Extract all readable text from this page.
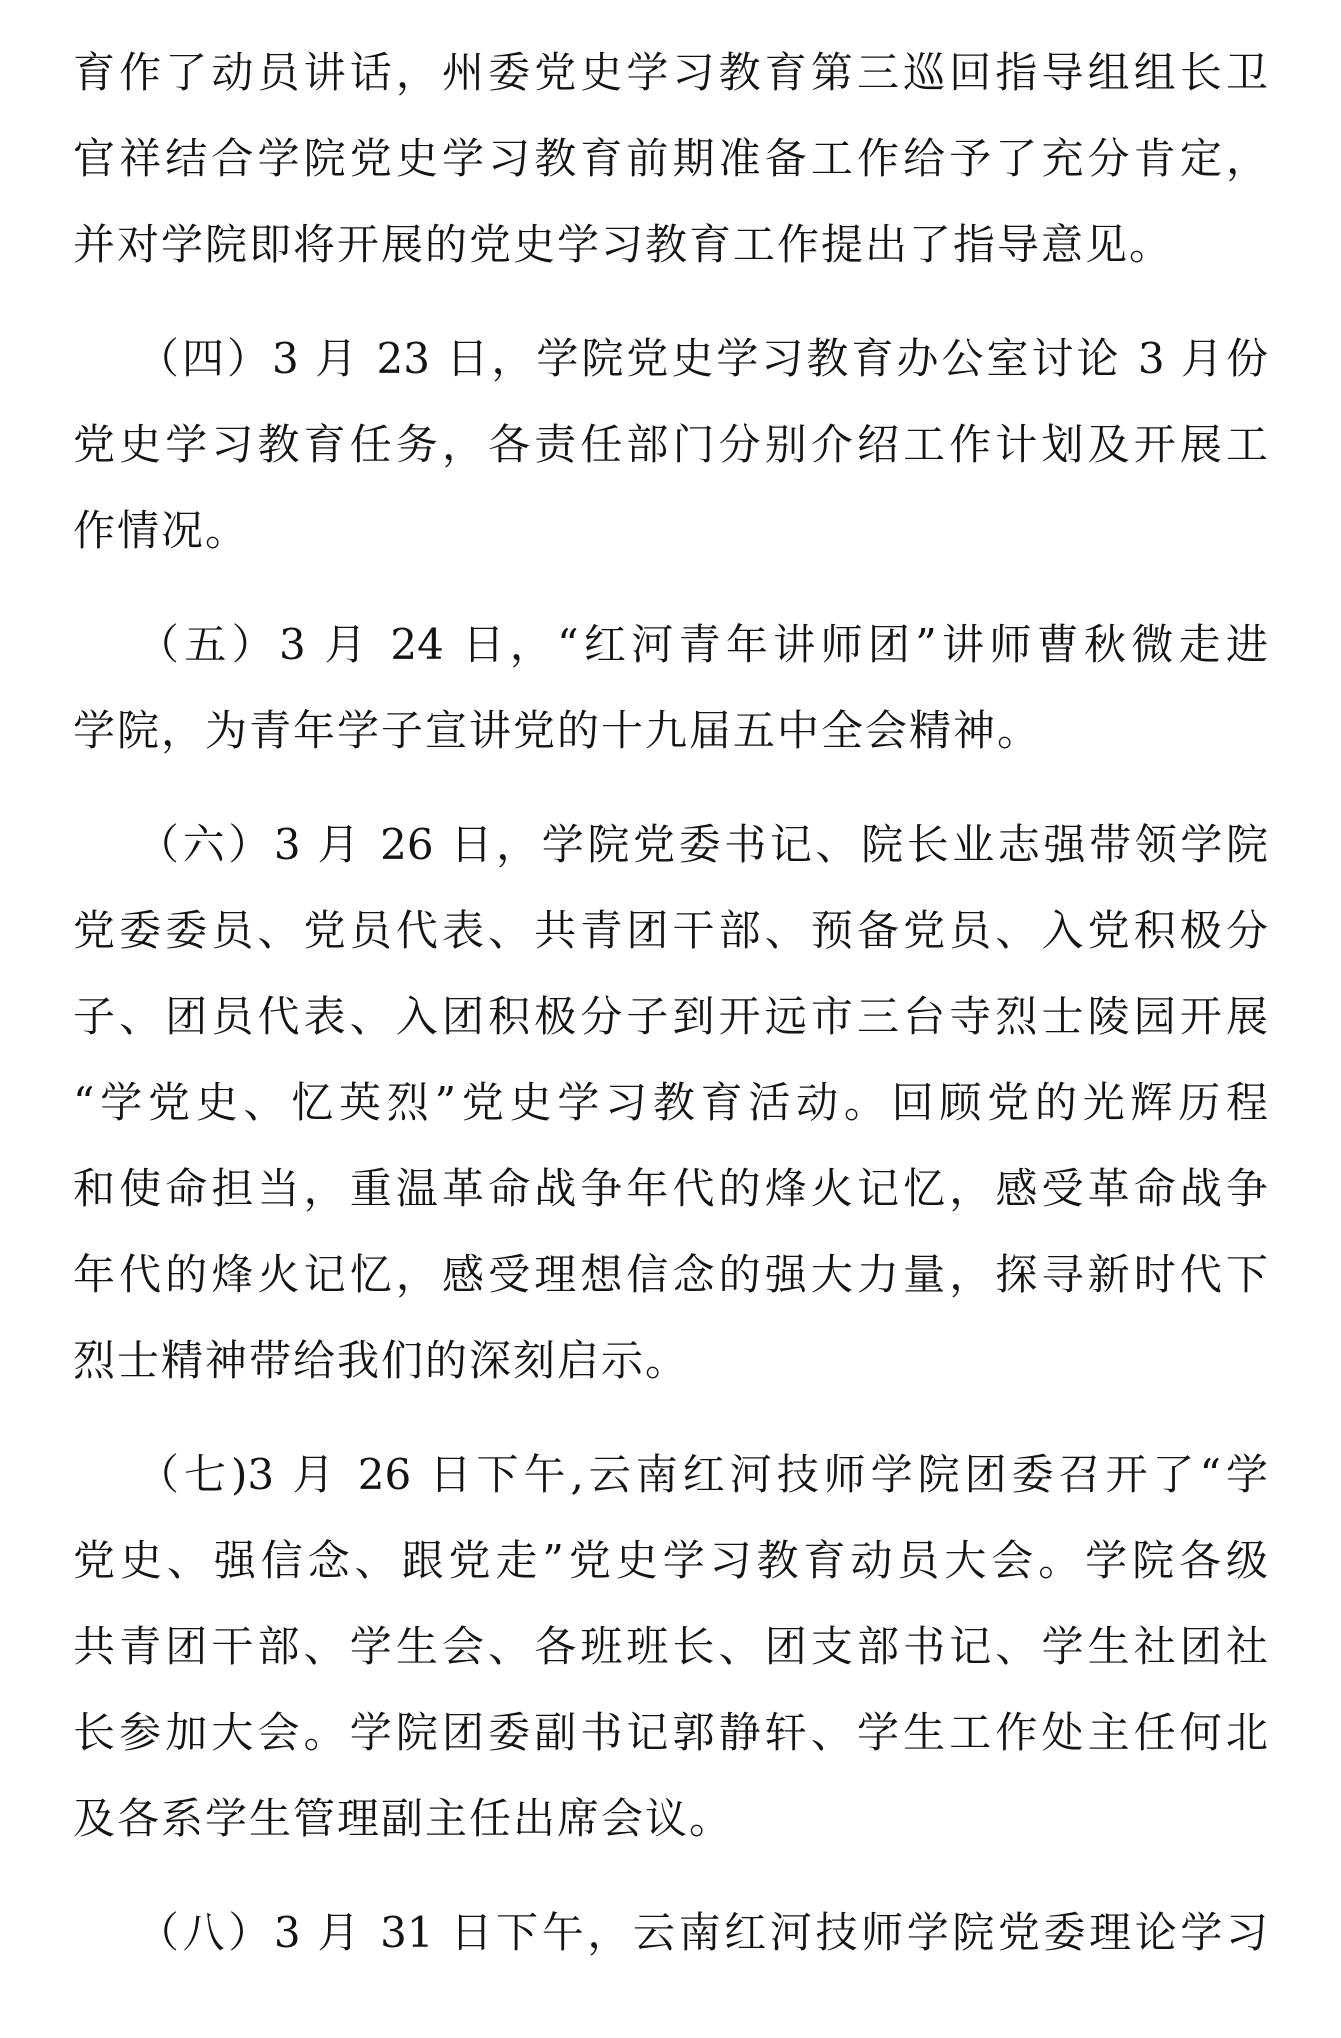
育作了动员讲话，州委党史学习教育第三巡回指导组组长卫
官祥结合学院党史学习教育前期准备工作给予了充分肯定，
并对学院即将开展的党史学习教育工作提出了指导意见。
（四）3 月 23 日，学院党史学习教育办公室讨论 3 月份
党史学习教育任务，各责任部门分别介绍工作计划及开展工
作情况。
（五）3 月 24 日，“红河青年讲师团”讲师曹秋微走进
学院，为青年学子宣讲党的十九届五中全会精神。
（六）3 月 26 日，学院党委书记、院长业志强带领学院
党委委员、党员代表、共青团干部、预备党员、入党积极分
子、团员代表、入团积极分子到开远市三台寺烈士陵园开展
“学党史、忆英烈”党史学习教育活动。回顾党的光辉历程
和使命担当，重温革命战争年代的烽火记忆，感受革命战争
年代的烽火记忆，感受理想信念的强大力量，探寻新时代下
烈士精神带给我们的深刻启示。
（七)3 月 26 日下午,云南红河技师学院团委召开了“学
党史、强信念、跟党走”党史学习教育动员大会。学院各级
共青团干部、学生会、各班班长、团支部书记、学生社团社
长参加大会。学院团委副书记郭静轩、学生工作处主任何北
及各系学生管理副主任出席会议。
（八）3 月 31 日下午，云南红河技师学院党委理论学习
